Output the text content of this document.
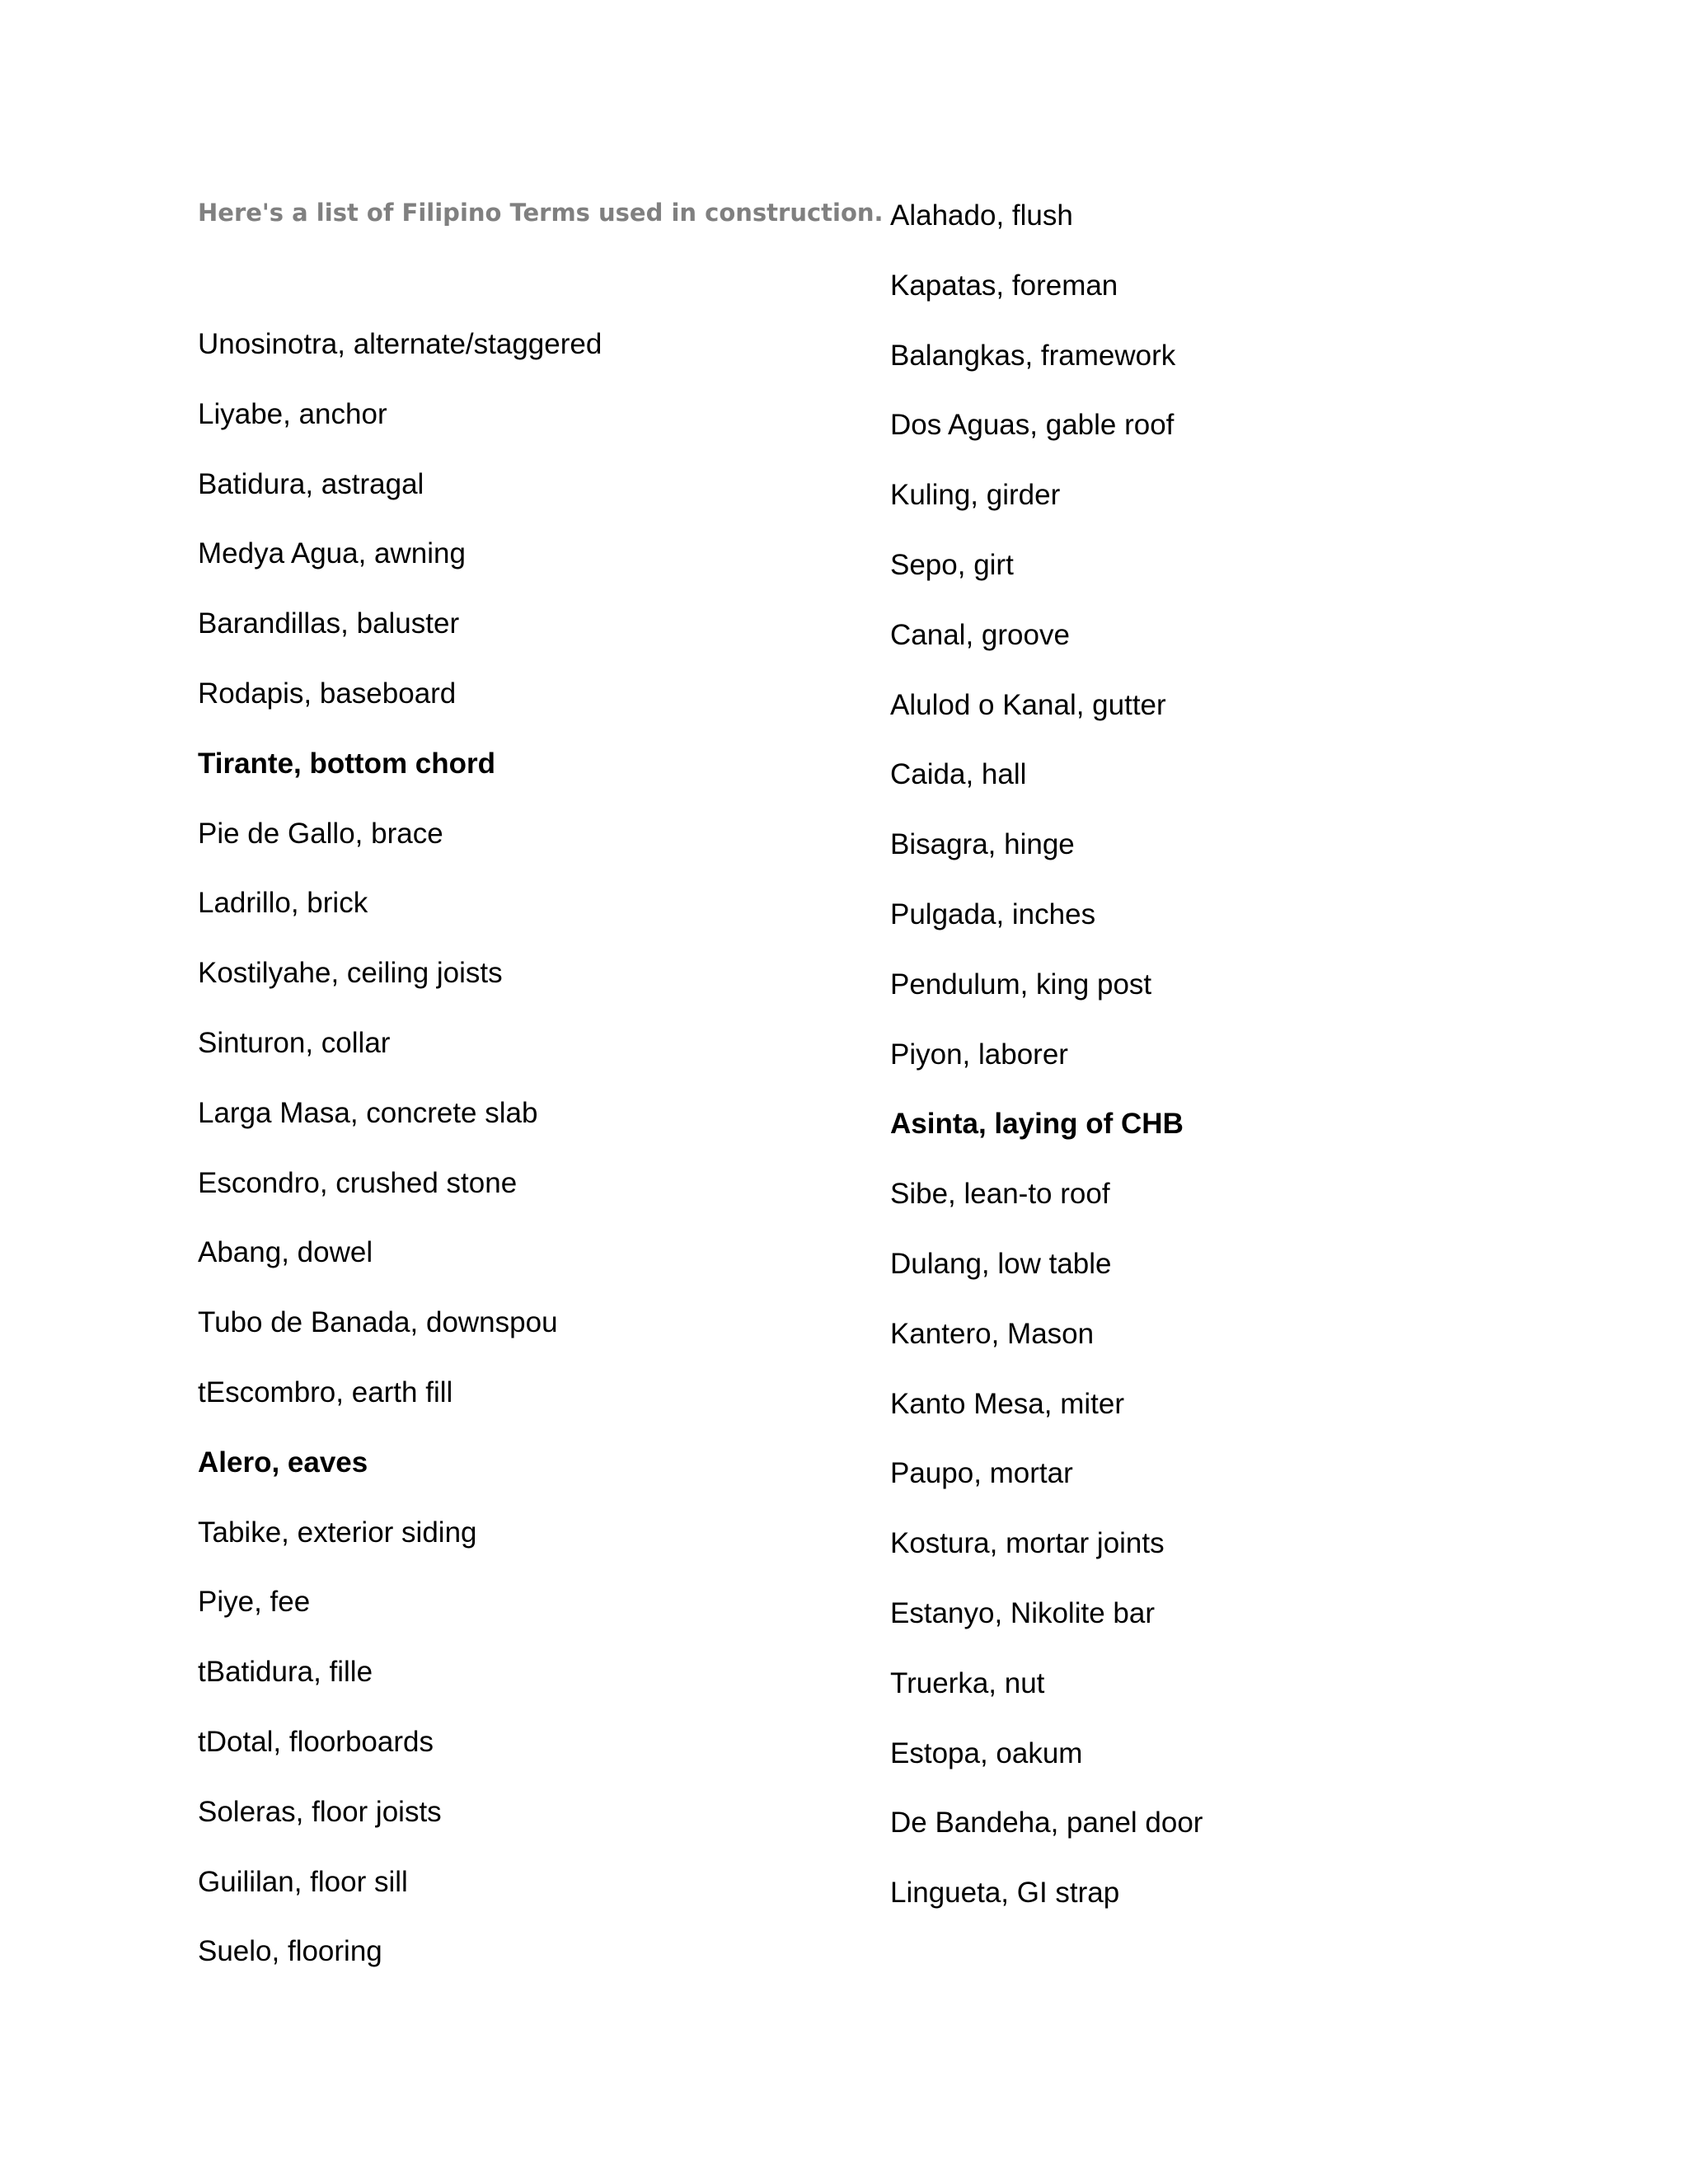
Here's a list of Filipino Terms used in construction.
Unosinotra, alternate/staggered
Liyabe, anchor
Batidura, astragal
Medya Agua, awning
Barandillas, baluster
Rodapis, baseboard
Tirante, bottom chord
Pie de Gallo, brace
Ladrillo, brick
Kostilyahe, ceiling joists
Sinturon, collar
Larga Masa, concrete slab
Escondro, crushed stone
Abang, dowel
Tubo de Banada, downspou
tEscombro, earth fill
Alero, eaves
Tabike, exterior siding
Piye, fee
tBatidura, fille
tDotal, floorboards
Soleras, floor joists
Guililan, floor sill
Suelo, flooring
Alahado, flush
Kapatas, foreman
Balangkas, framework
Dos Aguas, gable roof
Kuling, girder
Sepo, girt
Canal, groove
Alulod o Kanal, gutter
Caida, hall
Bisagra, hinge
Pulgada, inches
Pendulum, king post
Piyon, laborer
Asinta, laying of CHB
Sibe, lean-to roof
Dulang, low table
Kantero, Mason
Kanto Mesa, miter
Paupo, mortar
Kostura, mortar joints
Estanyo, Nikolite bar
Truerka, nut
Estopa, oakum
De Bandeha, panel door
Lingueta, GI strap
